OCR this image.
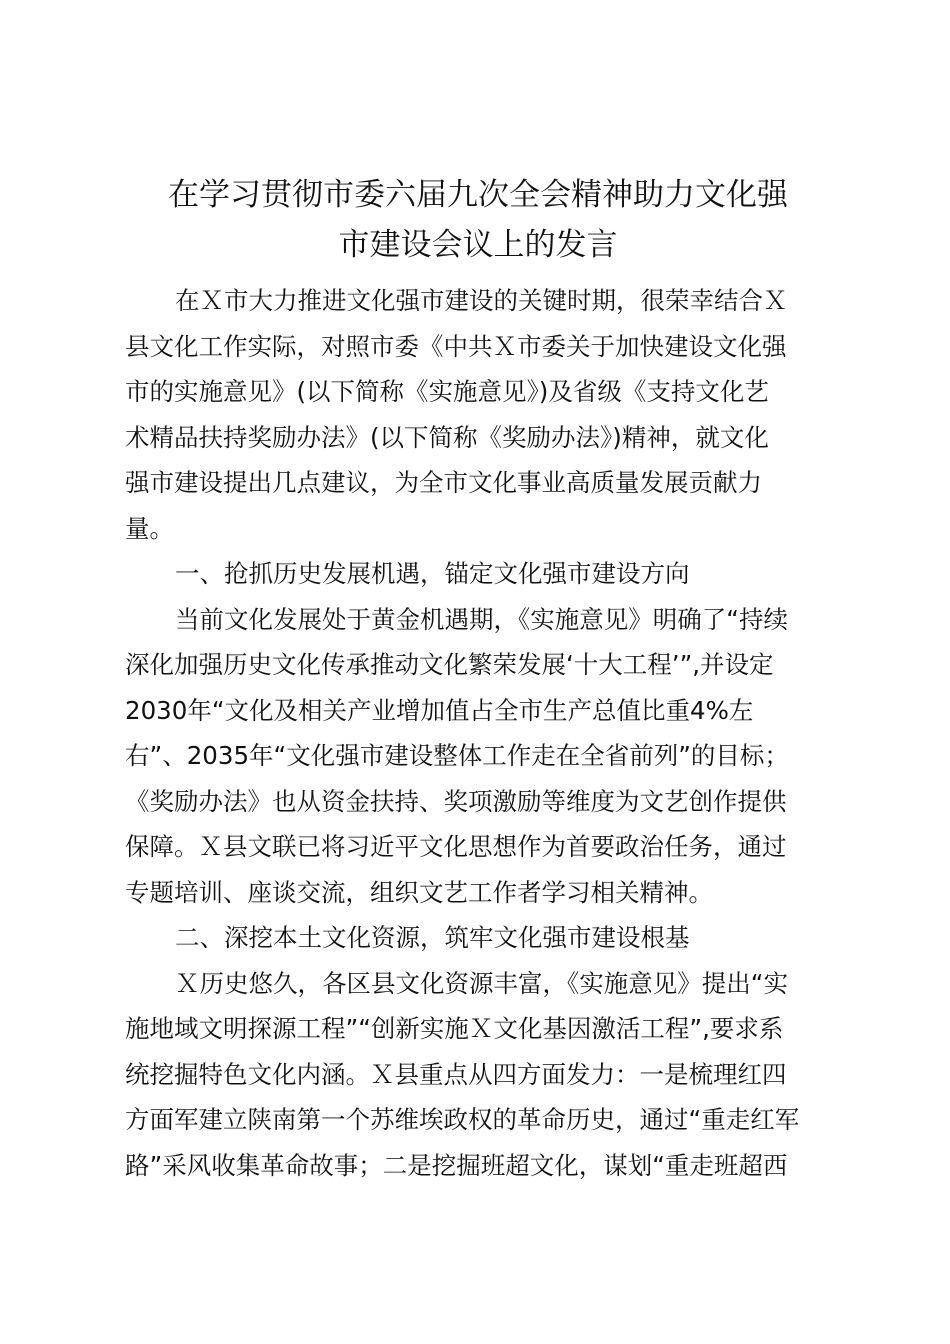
在学习贯彻市委六届九次全会精神助力文化强
市建设会议上的发言

在Ｘ市大力推进文化强市建设的关键时期，很荣幸结合Ｘ
县文化工作实际，对照市委《中共Ｘ市委关于加快建设文化强
市的实施意见》(以下简称《实施意见》)及省级《支持文化艺
术精品扶持奖励办法》(以下简称《奖励办法》)精神，就文化
强市建设提出几点建议，为全市文化事业高质量发展贡献力
量。

一、抢抓历史发展机遇，锚定文化强市建设方向

当前文化发展处于黄金机遇期，《实施意见》明确了“持续
深化加强历史文化传承推动文化繁荣发展‘十大工程’”,并设定
2030年“文化及相关产业增加值占全市生产总值比重4%左
右”、2035年“文化强市建设整体工作走在全省前列”的目标；
《奖励办法》也从资金扶持、奖项激励等维度为文艺创作提供
保障。Ｘ县文联已将习近平文化思想作为首要政治任务，通过
专题培训、座谈交流，组织文艺工作者学习相关精神。

二、深挖本土文化资源，筑牢文化强市建设根基

Ｘ历史悠久，各区县文化资源丰富，《实施意见》提出“实
施地域文明探源工程”“创新实施Ｘ文化基因激活工程”,要求系
统挖掘特色文化内涵。Ｘ县重点从四方面发力：一是梳理红四
方面军建立陕南第一个苏维埃政权的革命历史，通过“重走红军
路”采风收集革命故事；二是挖掘班超文化，谋划“重走班超西
